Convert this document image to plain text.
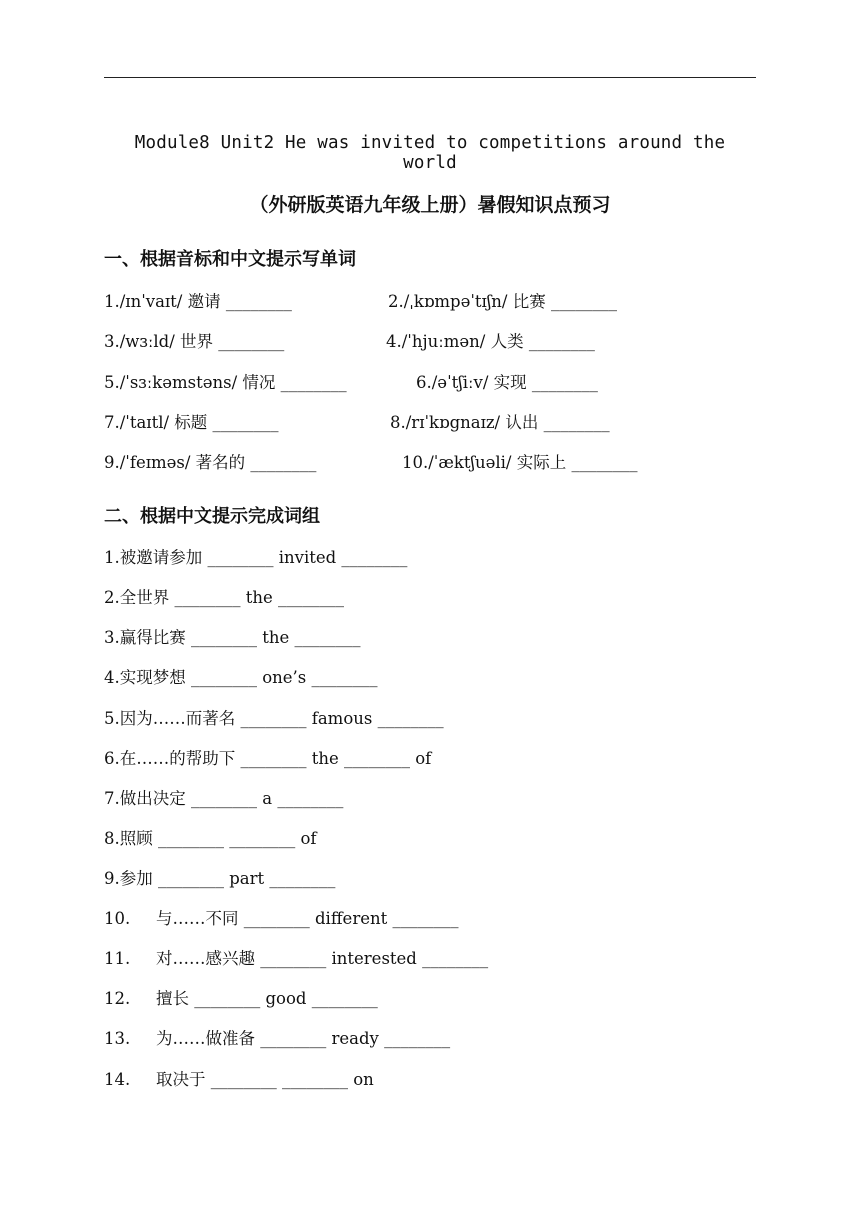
Module8 Unit2 He was invited to competitions around the world
（外研版英语九年级上册）暑假知识点预习
一、根据音标和中文提示写单词
1./ɪnˈvaɪt/ 邀请 ________	2./ˌkɒmpəˈtɪʃn/ 比赛 ________
3./wɜːld/ 世界 ________	4./ˈhjuːmən/ 人类 ________
5./ˈsɜːkəmstəns/ 情况 ________	6./əˈtʃiːv/ 实现 ________
7./ˈtaɪtl/ 标题 ________	8./rɪˈkɒgnaɪz/ 认出 ________
9./ˈfeɪməs/ 著名的 ________	10./ˈæktʃuəli/ 实际上 ________
二、根据中文提示完成词组
1.被邀请参加 ________ invited ________
2.全世界 ________ the ________
3.赢得比赛 ________ the ________
4.实现梦想 ________ one’s ________
5.因为……而著名 ________ famous ________
6.在……的帮助下 ________ the ________ of
7.做出决定 ________ a ________
8.照顾 ________ ________ of
9.参加 ________ part ________
10. 与……不同 ________ different ________
11. 对……感兴趣 ________ interested ________
12. 擅长 ________ good ________
13. 为……做准备 ________ ready ________
14. 取决于 ________ ________ on
